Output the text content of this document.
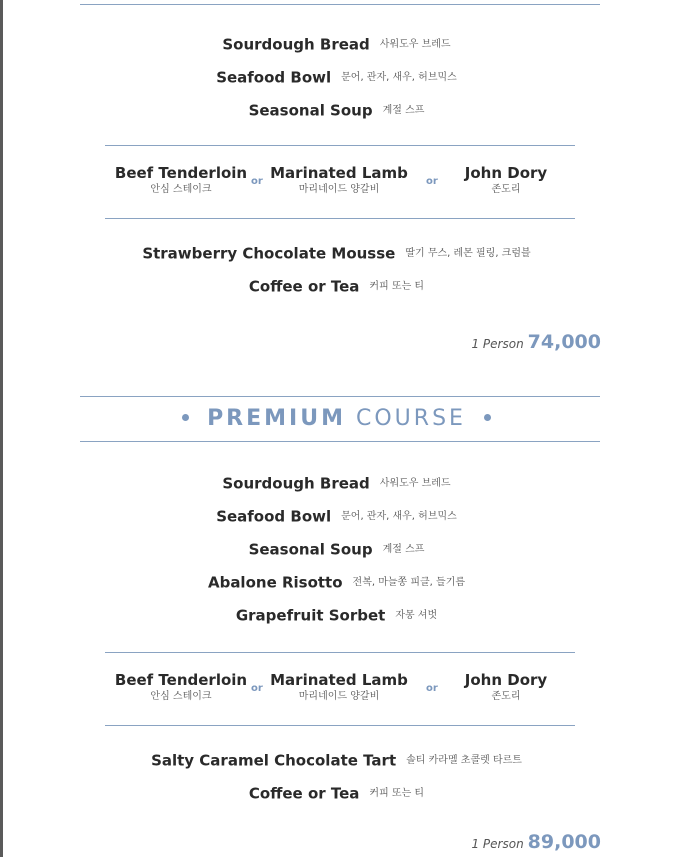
Sourdough Bread 사워도우 브레드
Seafood Bowl 문어, 관자, 새우, 허브믹스
Seasonal Soup 계절 스프
Beef Tenderloin
안심 스테이크
or Marinated Lamb
마리네이드 양갈비
or	John Dory
존도리
Strawberry Chocolate Mousse 딸기 무스, 레몬 필링, 크럼블
Coffee or Tea 커피 또는 티
1 Person 74,000
PREMIUM COURSE
Sourdough Bread 사워도우 브레드
Seafood Bowl 문어, 관자, 새우, 허브믹스
Seasonal Soup 계절 스프
Abalone Risotto 전복, 마늘쫑 피클, 들기름
Grapefruit Sorbet 자몽 셔벗
Beef Tenderloin
안심 스테이크
or Marinated Lamb
마리네이드 양갈비
or	John Dory
존도리
Salty Caramel Chocolate Tart 솔티 카라멜 초콜렛 타르트
Coffee or Tea 커피 또는 티
1 Person 89,000
